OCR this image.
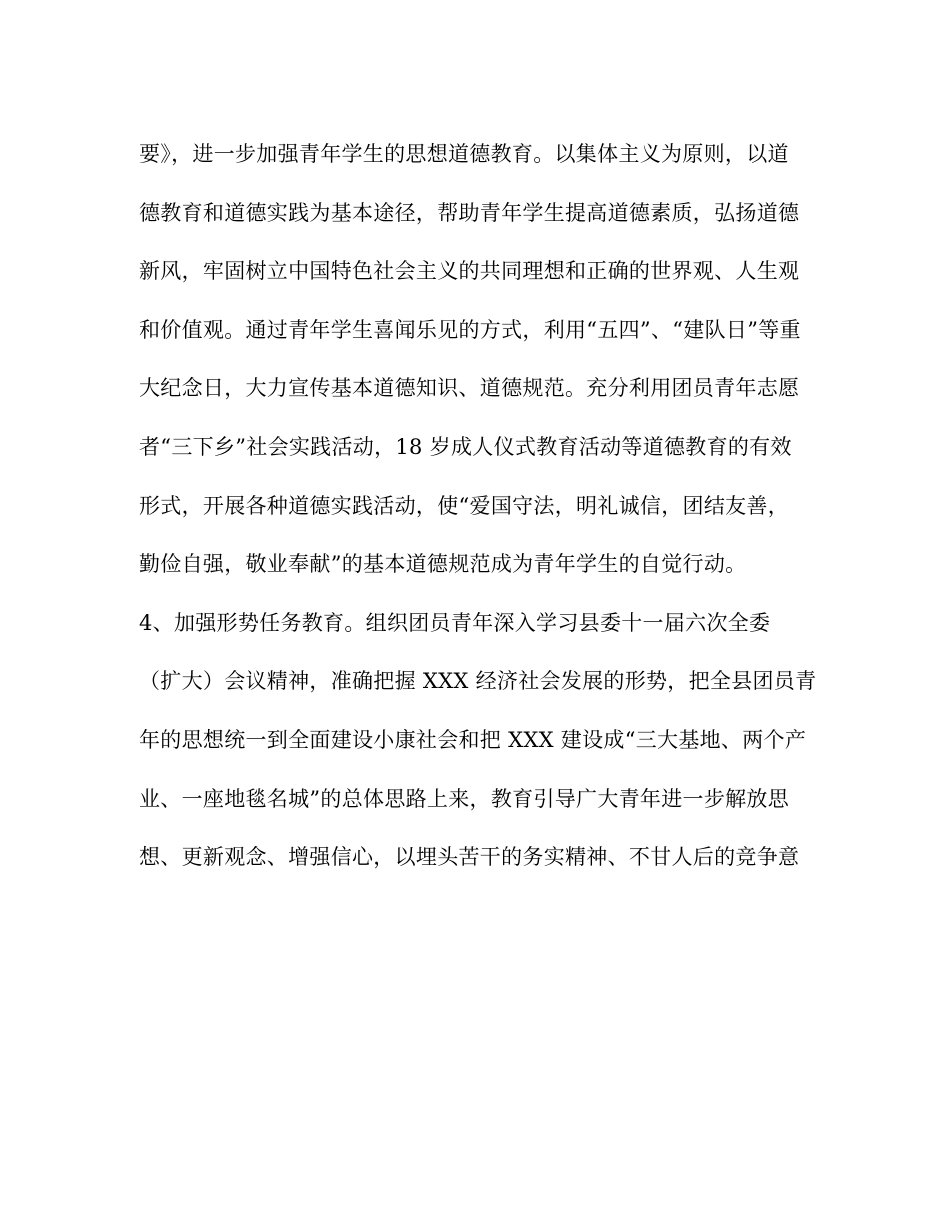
要》，进一步加强青年学生的思想道德教育。以集体主义为原则，以道
德教育和道德实践为基本途径，帮助青年学生提高道德素质，弘扬道德
新风，牢固树立中国特色社会主义的共同理想和正确的世界观、人生观
和价值观。通过青年学生喜闻乐见的方式，利用“五四”、“建队日”等重
大纪念日，大力宣传基本道德知识、道德规范。充分利用团员青年志愿
者“三下乡”社会实践活动，18 岁成人仪式教育活动等道德教育的有效
形式，开展各种道德实践活动，使“爱国守法，明礼诚信，团结友善，
勤俭自强，敬业奉献”的基本道德规范成为青年学生的自觉行动。
4、加强形势任务教育。组织团员青年深入学习县委十一届六次全委
（扩大）会议精神，准确把握 XXX 经济社会发展的形势，把全县团员青
年的思想统一到全面建设小康社会和把 XXX 建设成“三大基地、两个产
业、一座地毯名城”的总体思路上来，教育引导广大青年进一步解放思
想、更新观念、增强信心，以埋头苦干的务实精神、不甘人后的竞争意
